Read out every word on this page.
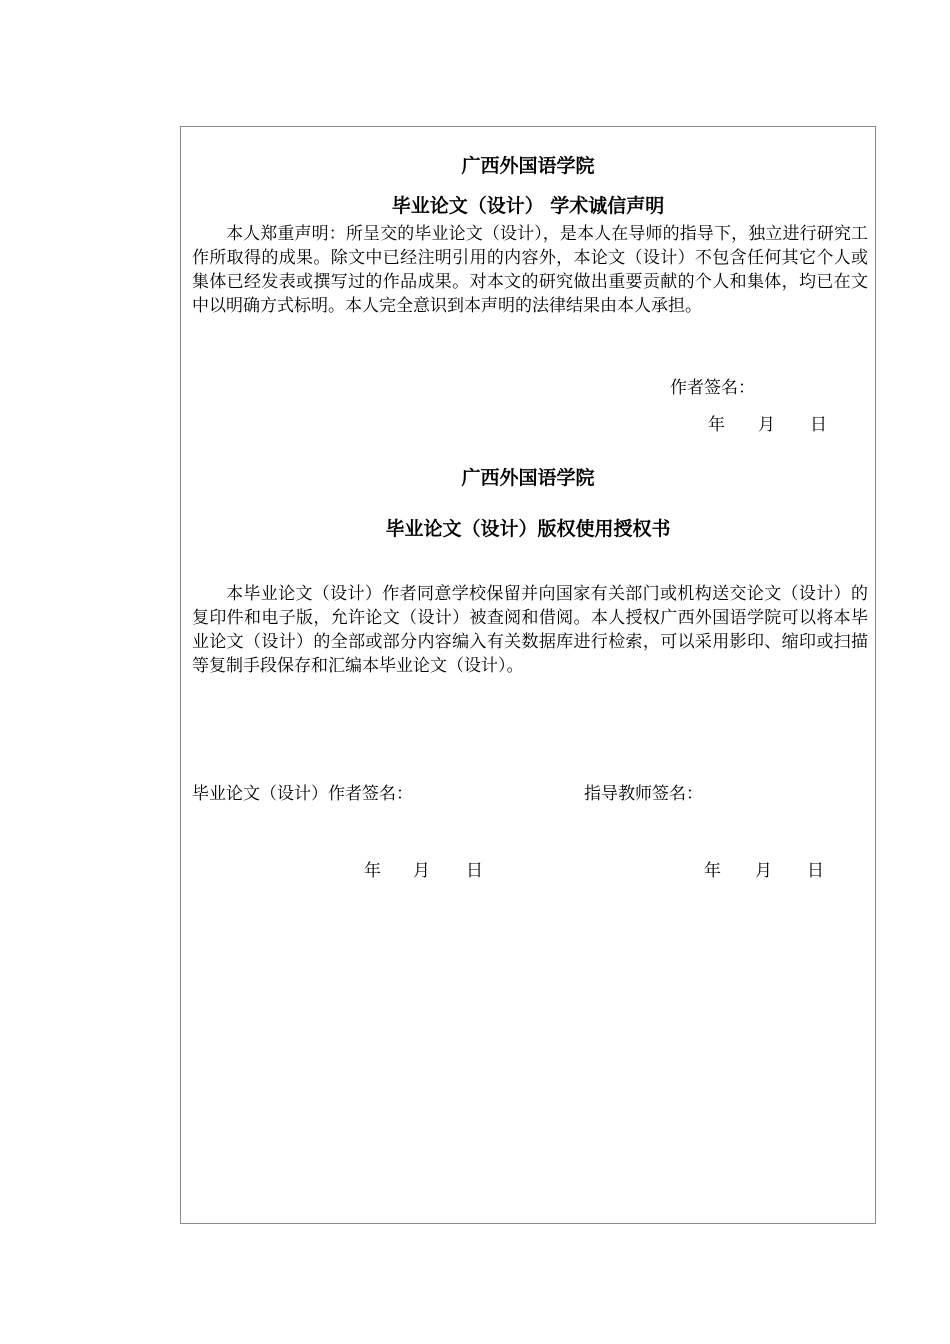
广西外国语学院
毕业论文（设计） 学术诚信声明

本人郑重声明：所呈交的毕业论文（设计），是本人在导师的指导下，独立进行研究工作所取得的成果。除文中已经注明引用的内容外，本论文（设计）不包含任何其它个人或集体已经发表或撰写过的作品成果。对本文的研究做出重要贡献的个人和集体，均已在文中以明确方式标明。本人完全意识到本声明的法律结果由本人承担。

作者签名：
年 月 日
广西外国语学院
毕业论文（设计）版权使用授权书

本毕业论文（设计）作者同意学校保留并向国家有关部门或机构送交论文（设计）的复印件和电子版，允许论文（设计）被查阅和借阅。本人授权广西外国语学院可以将本毕业论文（设计）的全部或部分内容编入有关数据库进行检索，可以采用影印、缩印或扫描等复制手段保存和汇编本毕业论文（设计）。

毕业论文（设计）作者签名：	指导教师签名：
年 月 日	年 月 日
